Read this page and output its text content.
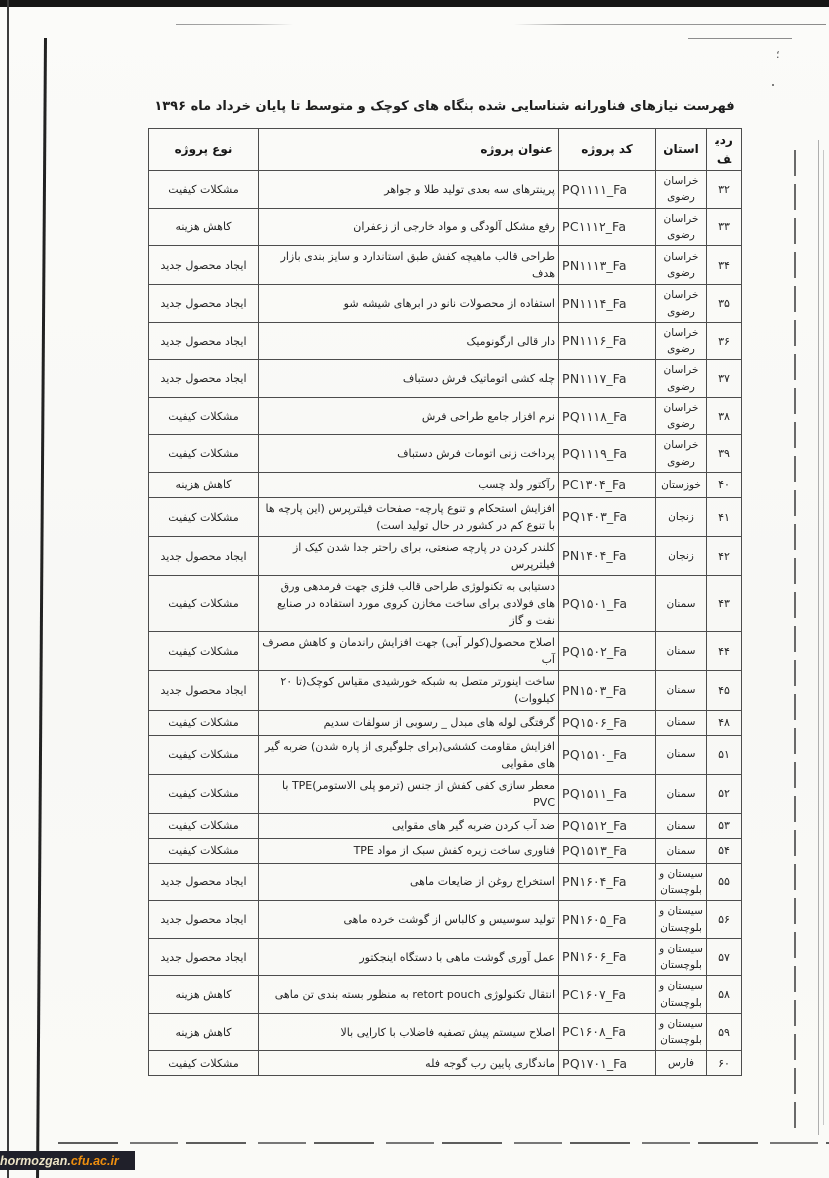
؛
فهرست نیازهای فناورانه شناسایی شده بنگاه های کوچک و متوسط تا پایان خرداد ماه ۱۳۹۶
ردیف	استان	کد پروژه	عنوان پروژه	نوع پروژه
۳۲	خراسان رضوی	PQ۱۱۱۱_Fa	پرینترهای سه بعدی تولید طلا و جواهر	مشکلات کیفیت
۳۳	خراسان رضوی	PC۱۱۱۲_Fa	رفع مشکل آلودگی و مواد خارجی از زعفران	کاهش هزینه
۳۴	خراسان رضوی	PN۱۱۱۳_Fa	طراحی قالب ماهیچه کفش طبق استاندارد و سایز بندی بازار هدف	ایجاد محصول جدید
۳۵	خراسان رضوی	PN۱۱۱۴_Fa	استفاده از محصولات نانو در ابرهای شیشه شو	ایجاد محصول جدید
۳۶	خراسان رضوی	PN۱۱۱۶_Fa	دار قالی ارگونومیک	ایجاد محصول جدید
۳۷	خراسان رضوی	PN۱۱۱۷_Fa	چله کشی اتوماتیک فرش دستباف	ایجاد محصول جدید
۳۸	خراسان رضوی	PQ۱۱۱۸_Fa	نرم افزار جامع طراحی فرش	مشکلات کیفیت
۳۹	خراسان رضوی	PQ۱۱۱۹_Fa	پرداخت زنی اتومات فرش دستباف	مشکلات کیفیت
۴۰	خوزستان	PC۱۳۰۴_Fa	رآکتور ولد چسب	کاهش هزینه
۴۱	زنجان	PQ۱۴۰۳_Fa	افزایش استحکام و تنوع پارچه- صفحات فیلترپرس (این پارچه ها با تنوع کم در کشور در حال تولید است)	مشکلات کیفیت
۴۲	زنجان	PN۱۴۰۴_Fa	کلندر کردن در پارچه صنعتی، برای راحتر جدا شدن کیک از فیلترپرس	ایجاد محصول جدید
۴۳	سمنان	PQ۱۵۰۱_Fa	دستیابی به تکنولوژی طراحی قالب فلزی جهت فرمدهی ورق های فولادی برای ساخت مخازن کروی مورد استفاده در صنایع نفت و گاز	مشکلات کیفیت
۴۴	سمنان	PQ۱۵۰۲_Fa	اصلاح محصول(کولر آبی) جهت افزایش راندمان و کاهش مصرف آب	مشکلات کیفیت
۴۵	سمنان	PN۱۵۰۳_Fa	ساخت اینورتر متصل به شبکه خورشیدی مقیاس کوچک(تا ۲۰ کیلووات)	ایجاد محصول جدید
۴۸	سمنان	PQ۱۵۰۶_Fa	گرفتگی لوله های مبدل _ رسوبی از سولفات سدیم	مشکلات کیفیت
۵۱	سمنان	PQ۱۵۱۰_Fa	افزایش مقاومت کششی(برای جلوگیری از پاره شدن) ضربه گیر های مقوایی	مشکلات کیفیت
۵۲	سمنان	PQ۱۵۱۱_Fa	معطر سازی کفی کفش از جنس (ترمو پلی الاستومر)TPE با PVC	مشکلات کیفیت
۵۳	سمنان	PQ۱۵۱۲_Fa	ضد آب کردن ضربه گیر های مقوایی	مشکلات کیفیت
۵۴	سمنان	PQ۱۵۱۳_Fa	فناوری ساخت زیره کفش سبک از مواد TPE	مشکلات کیفیت
۵۵	سیستان و بلوچستان	PN۱۶۰۴_Fa	استخراج روغن از ضایعات ماهی	ایجاد محصول جدید
۵۶	سیستان و بلوچستان	PN۱۶۰۵_Fa	تولید سوسیس و کالباس از گوشت خرده ماهی	ایجاد محصول جدید
۵۷	سیستان و بلوچستان	PN۱۶۰۶_Fa	عمل آوری گوشت ماهی با دستگاه اینجکتور	ایجاد محصول جدید
۵۸	سیستان و بلوچستان	PC۱۶۰۷_Fa	انتقال تکنولوژی retort pouch به منظور بسته بندی تن ماهی	کاهش هزینه
۵۹	سیستان و بلوچستان	PC۱۶۰۸_Fa	اصلاح سیستم پیش تصفیه فاضلاب با کارایی بالا	کاهش هزینه
۶۰	فارس	PQ۱۷۰۱_Fa	ماندگاری پایین رب گوجه فله	مشکلات کیفیت
hormozgan. cfu.ac.ir
